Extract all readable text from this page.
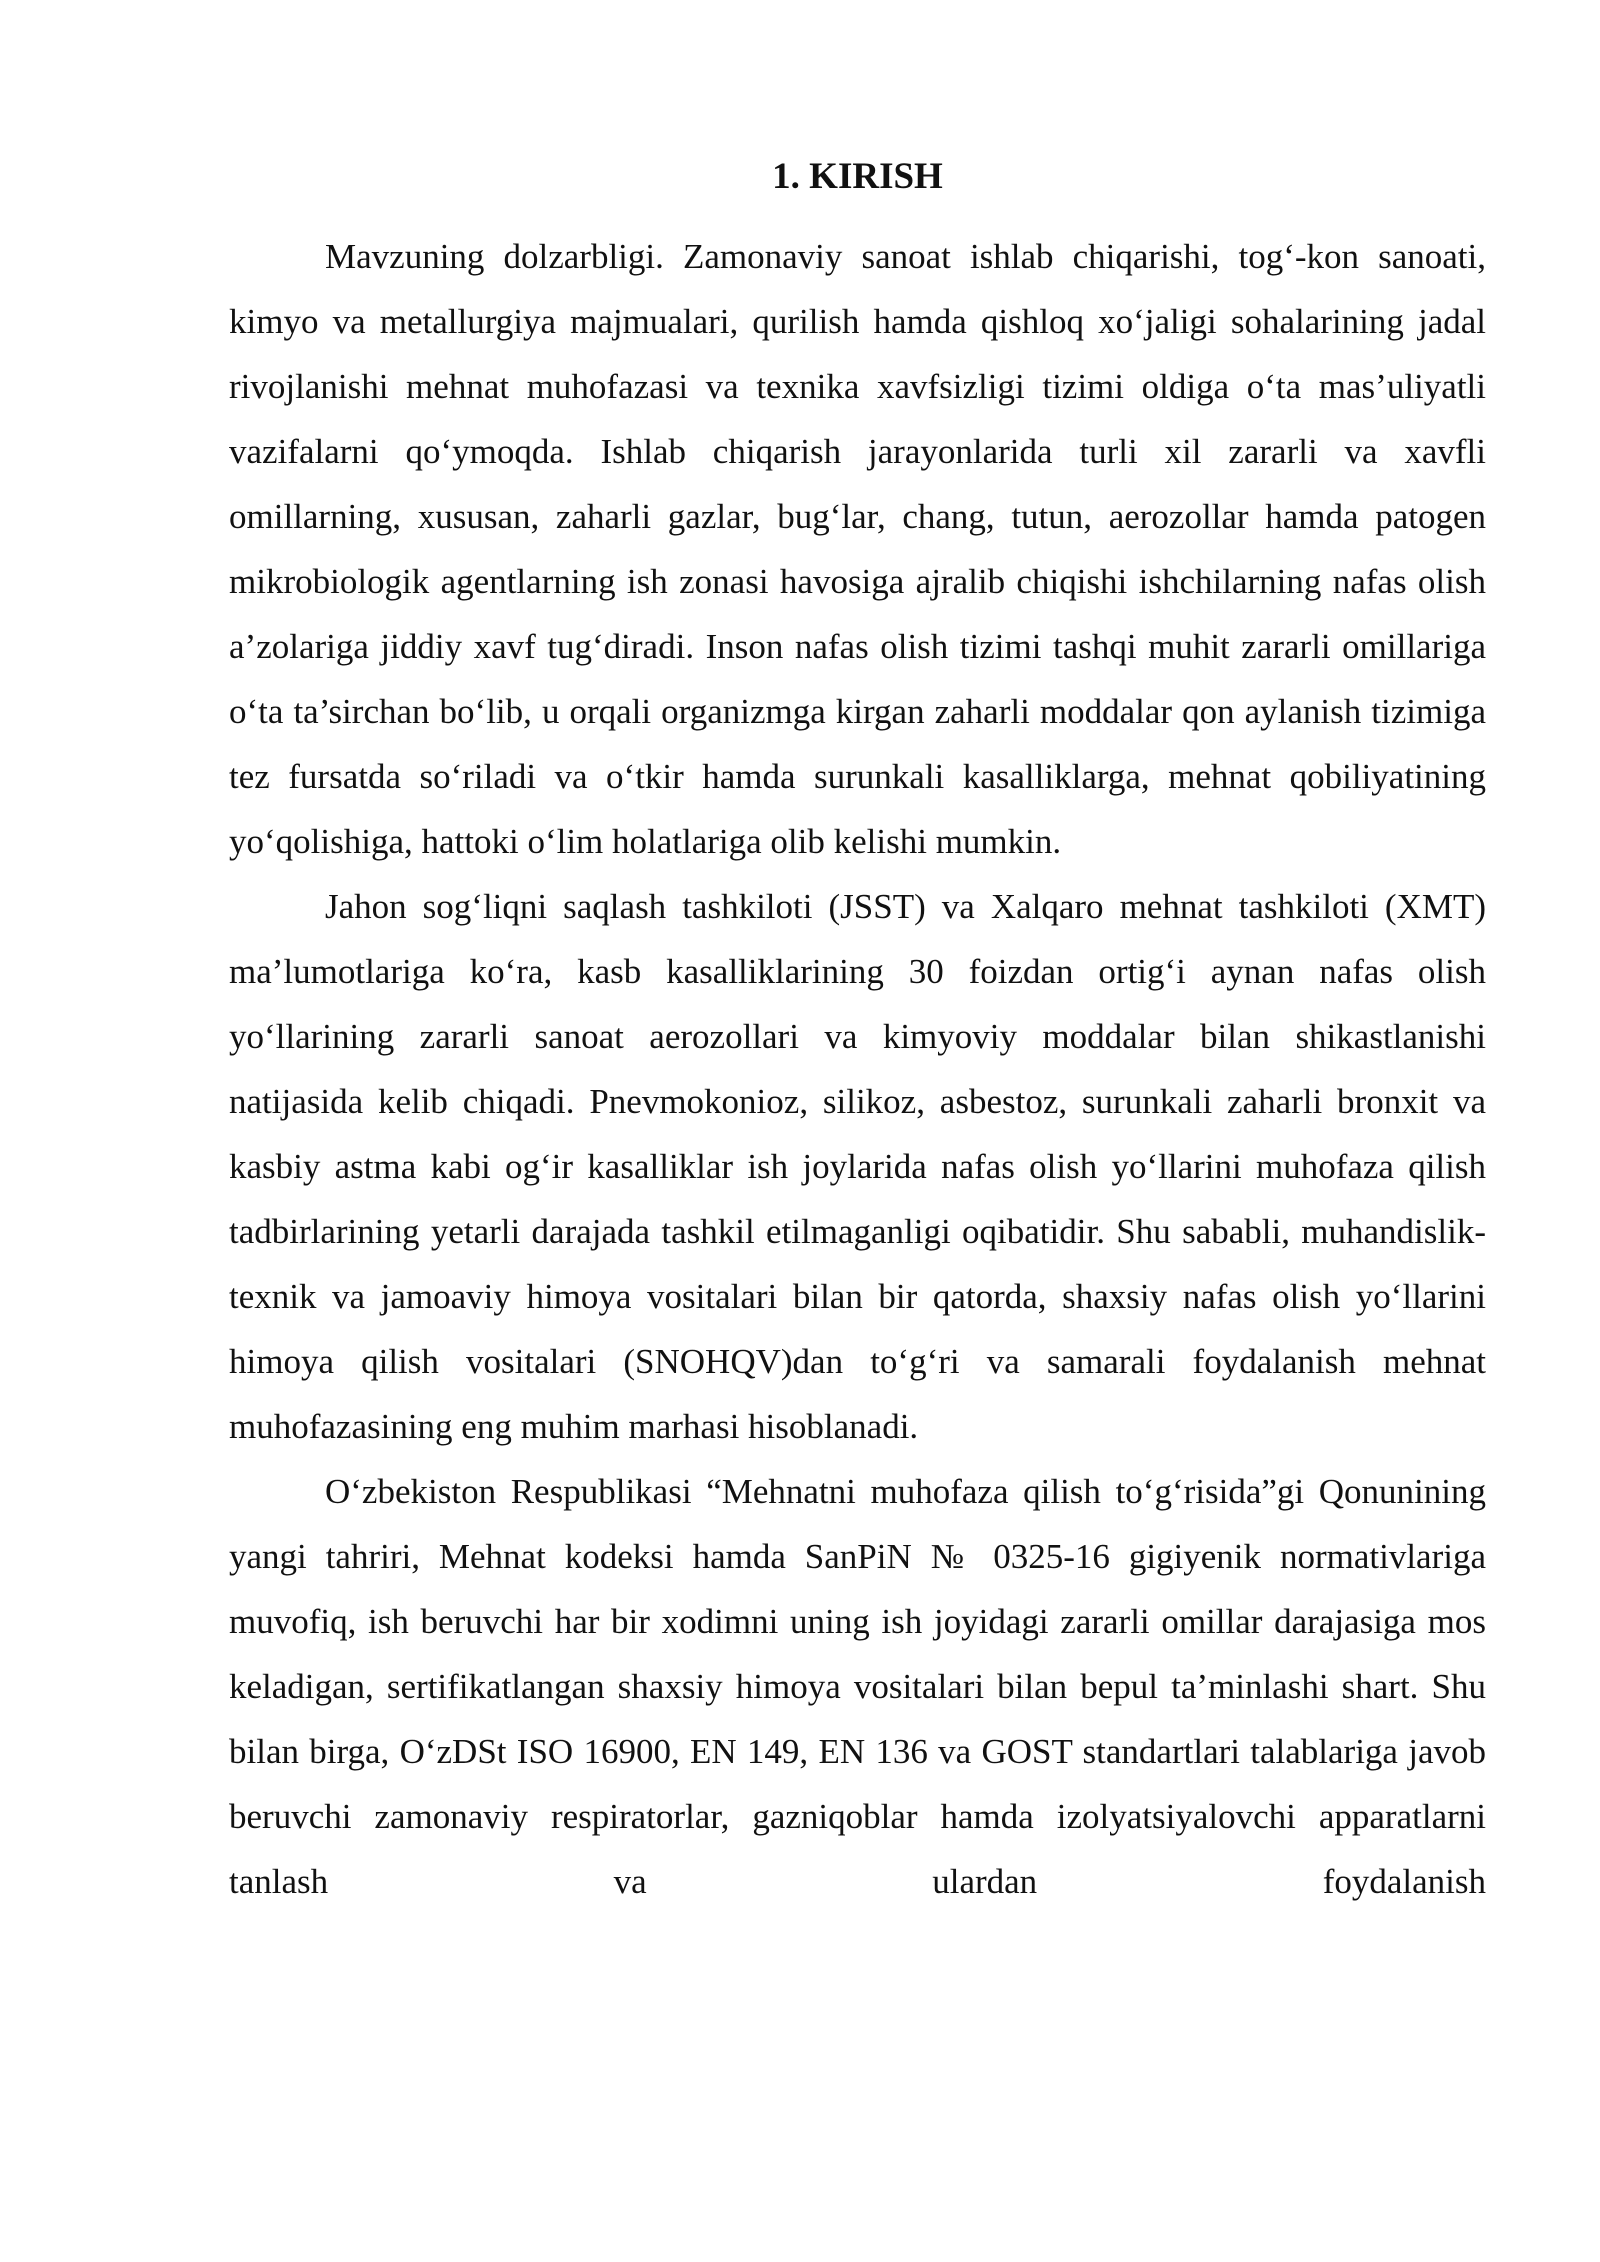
1. KIRISH

Mavzuning dolzarbligi. Zamonaviy sanoat ishlab chiqarishi, tog‘-kon sanoati, kimyo va metallurgiya majmualari, qurilish hamda qishloq xo‘jaligi sohalarining jadal rivojlanishi mehnat muhofazasi va texnika xavfsizligi tizimi oldiga o‘ta mas’uliyatli vazifalarni qo‘ymoqda. Ishlab chiqarish jarayonlarida turli xil zararli va xavfli omillarning, xususan, zaharli gazlar, bug‘lar, chang, tutun, aerozollar hamda patogen mikrobiologik agentlarning ish zonasi havosiga ajralib chiqishi ishchilarning nafas olish a’zolariga jiddiy xavf tug‘diradi. Inson nafas olish tizimi tashqi muhit zararli omillariga o‘ta ta’sirchan bo‘lib, u orqali organizmga kirgan zaharli moddalar qon aylanish tizimiga tez fursatda so‘riladi va o‘tkir hamda surunkali kasalliklarga, mehnat qobiliyatining yo‘qolishiga, hattoki o‘lim holatlariga olib kelishi mumkin.

Jahon sog‘liqni saqlash tashkiloti (JSST) va Xalqaro mehnat tashkiloti (XMT) ma’lumotlariga ko‘ra, kasb kasalliklarining 30 foizdan ortig‘i aynan nafas olish yo‘llarining zararli sanoat aerozollari va kimyoviy moddalar bilan shikastlanishi natijasida kelib chiqadi. Pnevmokonioz, silikoz, asbestoz, surunkali zaharli bronxit va kasbiy astma kabi og‘ir kasalliklar ish joylarida nafas olish yo‘llarini muhofaza qilish tadbirlarining yetarli darajada tashkil etilmaganligi oqibatidir. Shu sababli, muhandislik-texnik va jamoaviy himoya vositalari bilan bir qatorda, shaxsiy nafas olish yo‘llarini himoya qilish vositalari (SNOHQV)dan to‘g‘ri va samarali foydalanish mehnat muhofazasining eng muhim marhasi hisoblanadi.

O‘zbekiston Respublikasi “Mehnatni muhofaza qilish to‘g‘risida”gi Qonunining yangi tahriri, Mehnat kodeksi hamda SanPiN № 0325-16 gigiyenik normativlariga muvofiq, ish beruvchi har bir xodimni uning ish joyidagi zararli omillar darajasiga mos keladigan, sertifikatlangan shaxsiy himoya vositalari bilan bepul ta’minlashi shart. Shu bilan birga, O‘zDSt ISO 16900, EN 149, EN 136 va GOST standartlari talablariga javob beruvchi zamonaviy respiratorlar, gazniqoblar hamda izolyatsiyalovchi apparatlarni tanlash va ulardan foydalanish
